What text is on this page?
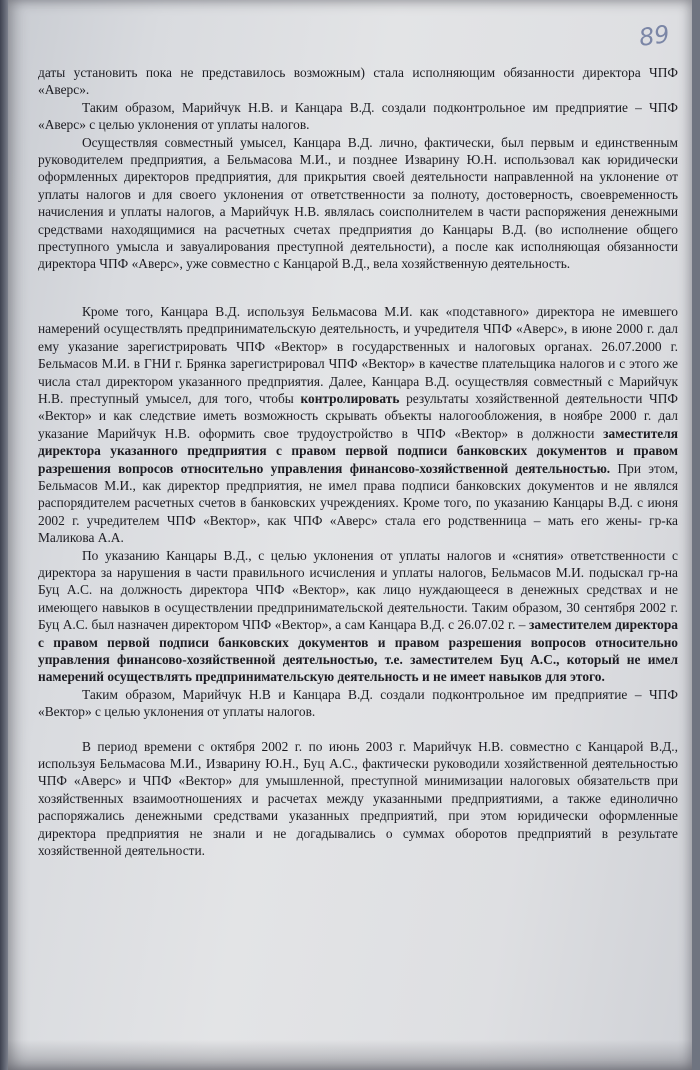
89

даты установить пока не представилось возможным) стала исполняющим обязанности директора ЧПФ «Аверс».

Таким образом, Марийчук Н.В. и Канцара В.Д. создали подконтрольное им предприятие – ЧПФ «Аверс» с целью уклонения от уплаты налогов.

Осуществляя совместный умысел, Канцара В.Д. лично, фактически, был первым и единственным руководителем предприятия, а Бельмасова М.И., и позднее Изварину Ю.Н. использовал как юридически оформленных директоров предприятия, для прикрытия своей деятельности направленной на уклонение от уплаты налогов и для своего уклонения от ответственности за полноту, достоверность, своевременность начисления и уплаты налогов, а Марийчук Н.В. являлась соисполнителем в части распоряжения денежными средствами находящимися на расчетных счетах предприятия до Канцары В.Д. (во исполнение общего преступного умысла и завуалирования преступной деятельности), а после как исполняющая обязанности директора ЧПФ «Аверс», уже совместно с Канцарой В.Д., вела хозяйственную деятельность.

Кроме того, Канцара В.Д. используя Бельмасова М.И. как «подставного» директора не имевшего намерений осуществлять предпринимательскую деятельность, и учредителя ЧПФ «Аверс», в июне 2000 г. дал ему указание зарегистрировать ЧПФ «Вектор» в государственных и налоговых органах. 26.07.2000 г. Бельмасов М.И. в ГНИ г. Брянка зарегистрировал ЧПФ «Вектор» в качестве плательщика налогов и с этого же числа стал директором указанного предприятия. Далее, Канцара В.Д. осуществляя совместный с Марийчук Н.В. преступный умысел, для того, чтобы контролировать результаты хозяйственной деятельности ЧПФ «Вектор» и как следствие иметь возможность скрывать объекты налогообложения, в ноябре 2000 г. дал указание Марийчук Н.В. оформить свое трудоустройство в ЧПФ «Вектор» в должности заместителя директора указанного предприятия с правом первой подписи банковских документов и правом разрешения вопросов относительно управления финансово-хозяйственной деятельностью. При этом, Бельмасов М.И., как директор предприятия, не имел права подписи банковских документов и не являлся распорядителем расчетных счетов в банковских учреждениях. Кроме того, по указанию Канцары В.Д. с июня 2002 г. учредителем ЧПФ «Вектор», как ЧПФ «Аверс» стала его родственница – мать его жены- гр-ка Маликова А.А.

По указанию Канцары В.Д., с целью уклонения от уплаты налогов и «снятия» ответственности с директора за нарушения в части правильного исчисления и уплаты налогов, Бельмасов М.И. подыскал гр-на Буц А.С. на должность директора ЧПФ «Вектор», как лицо нуждающееся в денежных средствах и не имеющего навыков в осуществлении предпринимательской деятельности. Таким образом, 30 сентября 2002 г. Буц А.С. был назначен директором ЧПФ «Вектор», а сам Канцара В.Д. с 26.07.02 г. – заместителем директора с правом первой подписи банковских документов и правом разрешения вопросов относительно управления финансово-хозяйственной деятельностью, т.е. заместителем Буц А.С., который не имел намерений осуществлять предпринимательскую деятельность и не имеет навыков для этого.

Таким образом, Марийчук Н.В и Канцара В.Д. создали подконтрольное им предприятие – ЧПФ «Вектор» с целью уклонения от уплаты налогов.

В период времени с октября 2002 г. по июнь 2003 г. Марийчук Н.В. совместно с Канцарой В.Д., используя Бельмасова М.И., Изварину Ю.Н., Буц А.С., фактически руководили хозяйственной деятельностью ЧПФ «Аверс» и ЧПФ «Вектор» для умышленной, преступной минимизации налоговых обязательств при хозяйственных взаимоотношениях и расчетах между указанными предприятиями, а также единолично распоряжались денежными средствами указанных предприятий, при этом юридически оформленные директора предприятия не знали и не догадывались о суммах оборотов предприятий в результате хозяйственной деятельности.
